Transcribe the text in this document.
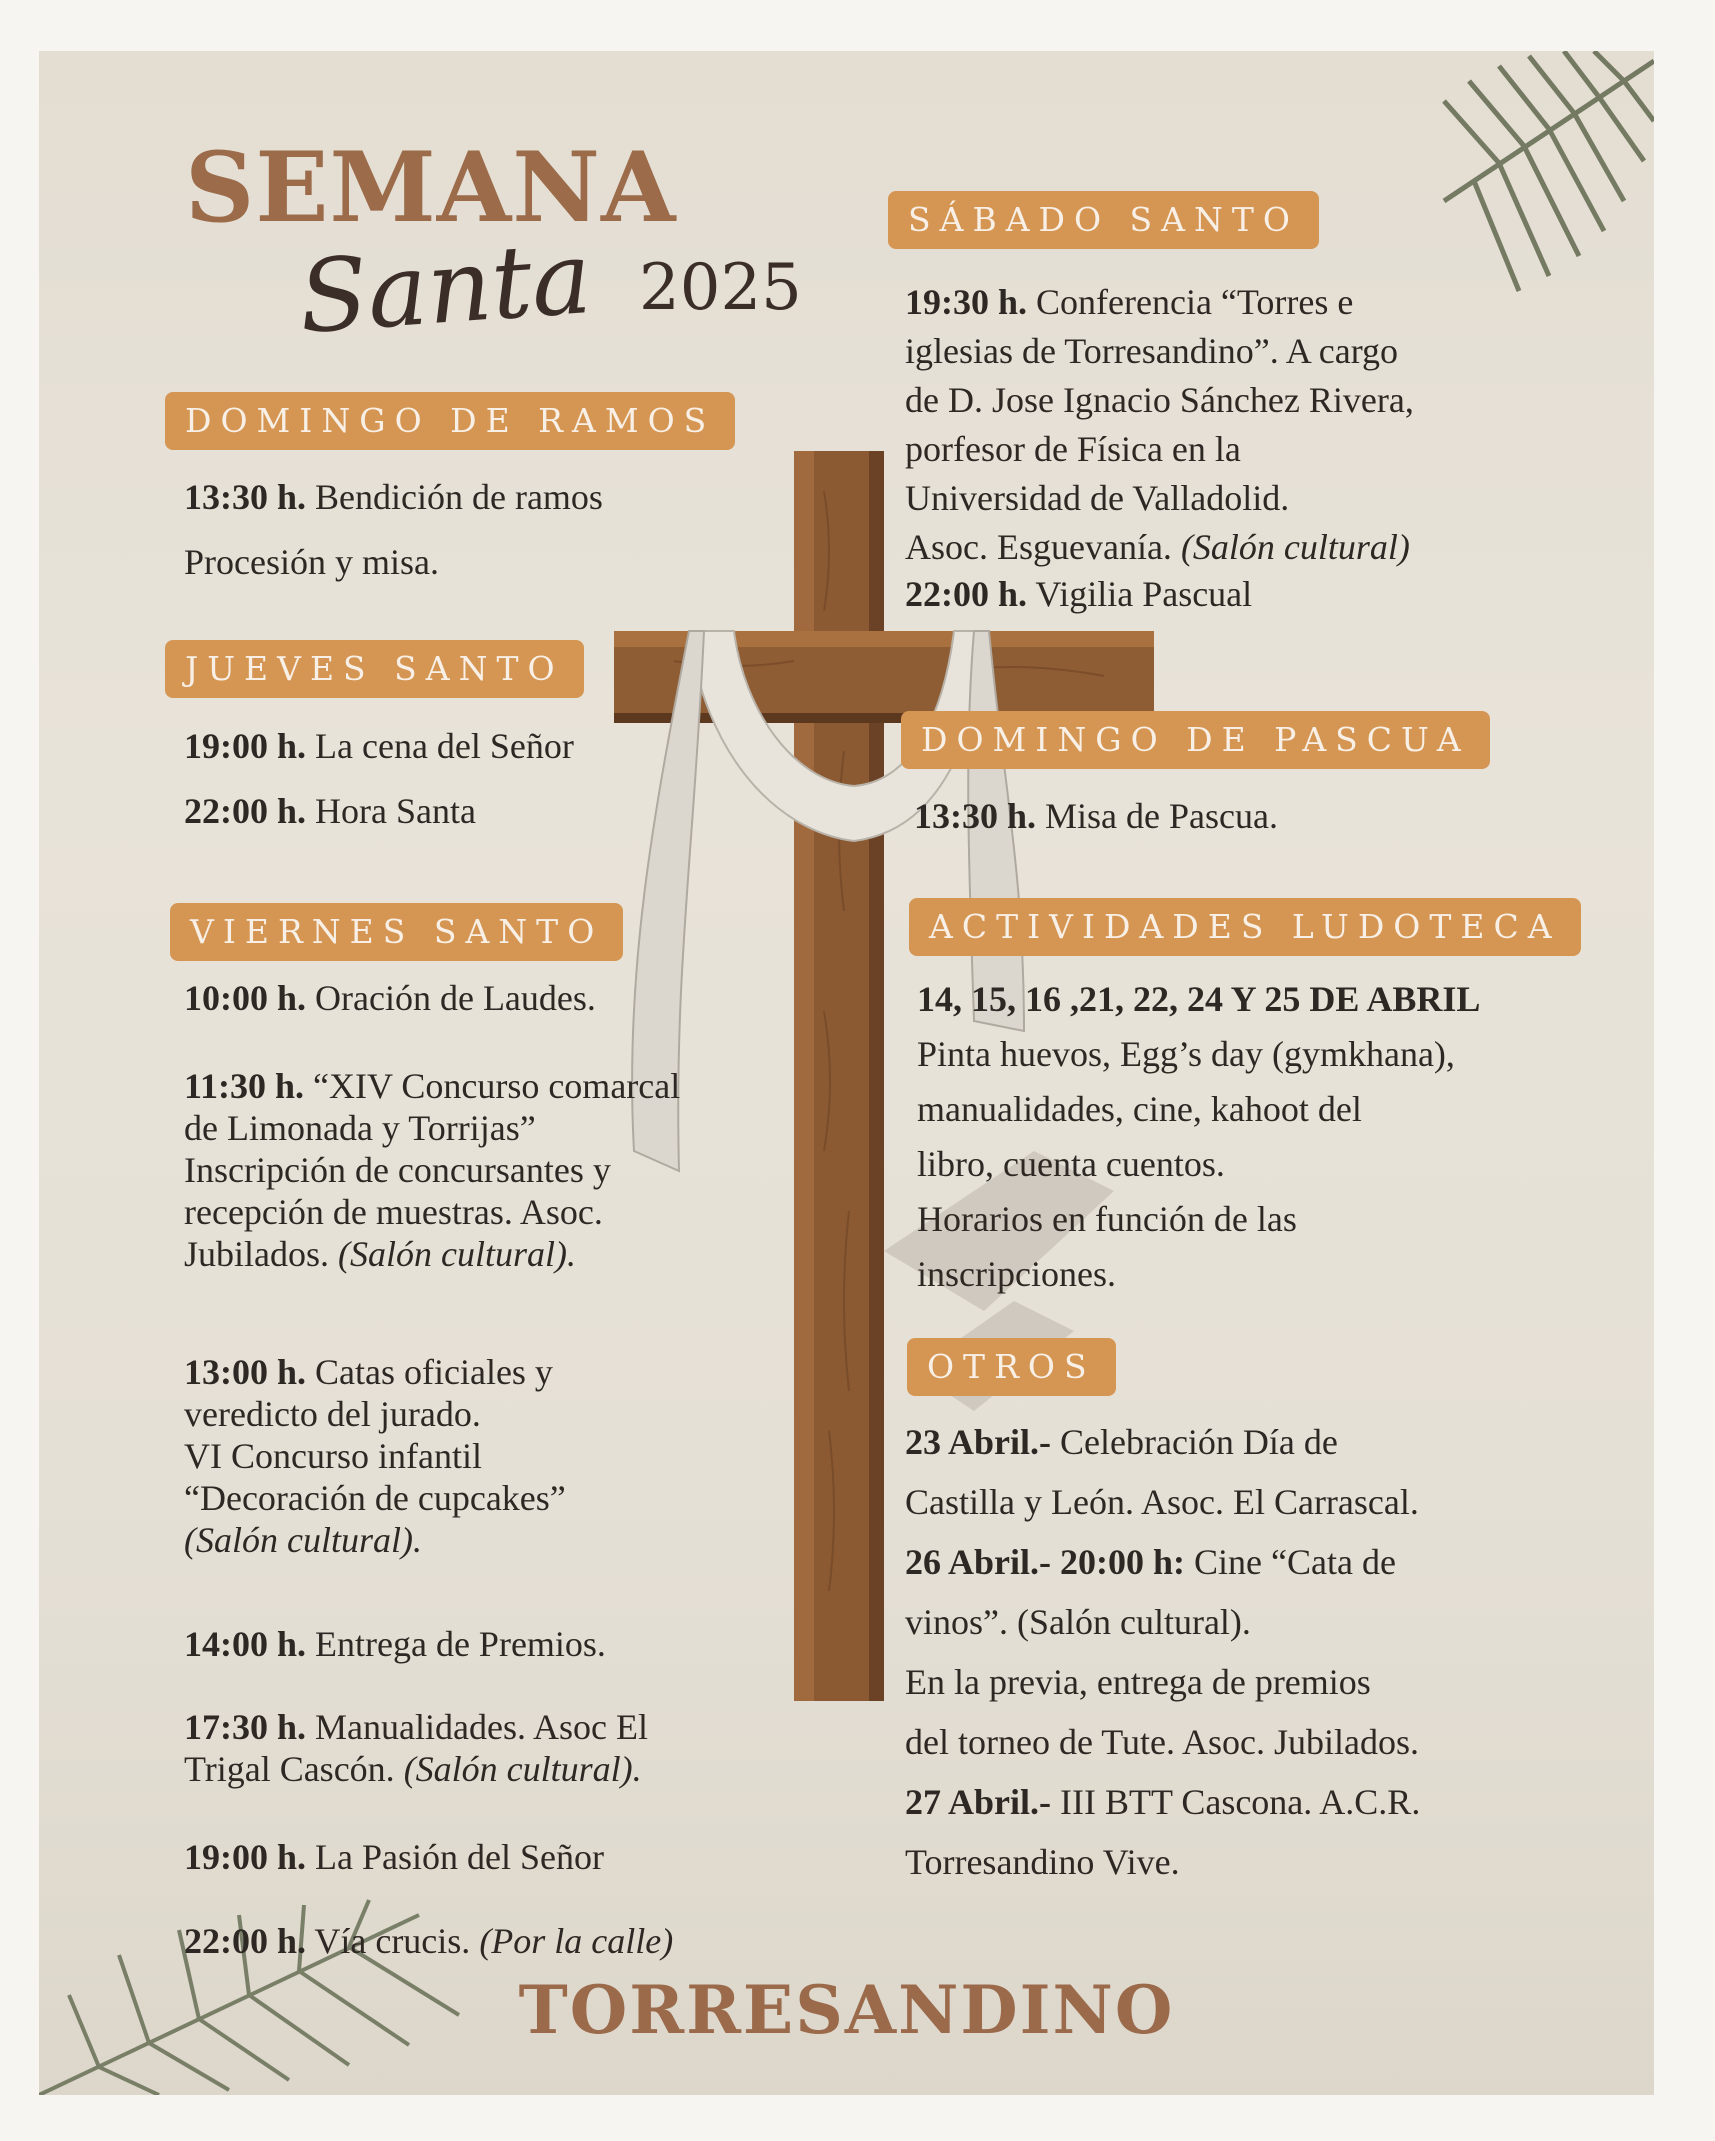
SEMANA
Santa 2025
DOMINGO DE RAMOS
13:30 h. Bendición de ramos
Procesión y misa.
JUEVES SANTO
19:00 h. La cena del Señor
22:00 h. Hora Santa
VIERNES SANTO
10:00 h. Oración de Laudes.
11:30 h. “XIV Concurso comarcal
de Limonada y Torrijas”
Inscripción de concursantes y
recepción de muestras. Asoc.
Jubilados. (Salón cultural).
13:00 h. Catas oficiales y
veredicto del jurado.
VI Concurso infantil
“Decoración de cupcakes”
(Salón cultural).
14:00 h. Entrega de Premios.
17:30 h. Manualidades. Asoc El
Trigal Cascón. (Salón cultural).
19:00 h. La Pasión del Señor
22:00 h. Vía crucis. (Por la calle)
SÁBADO SANTO
19:30 h. Conferencia “Torres e
iglesias de Torresandino”. A cargo
de D. Jose Ignacio Sánchez Rivera,
porfesor de Física en la
Universidad de Valladolid.
Asoc. Esguevanía. (Salón cultural)
22:00 h. Vigilia Pascual
DOMINGO DE PASCUA
13:30 h. Misa de Pascua.
ACTIVIDADES LUDOTECA
14, 15, 16 ,21, 22, 24 Y 25 DE ABRIL
Pinta huevos, Egg’s day (gymkhana),
manualidades, cine, kahoot del
libro, cuenta cuentos.
Horarios en función de las
inscripciones.
OTROS
23 Abril.- Celebración Día de
Castilla y León. Asoc. El Carrascal.
26 Abril.- 20:00 h: Cine “Cata de
vinos”. (Salón cultural).
En la previa, entrega de premios
del torneo de Tute. Asoc. Jubilados.
27 Abril.- III BTT Cascona. A.C.R.
Torresandino Vive.
TORRESANDINO
